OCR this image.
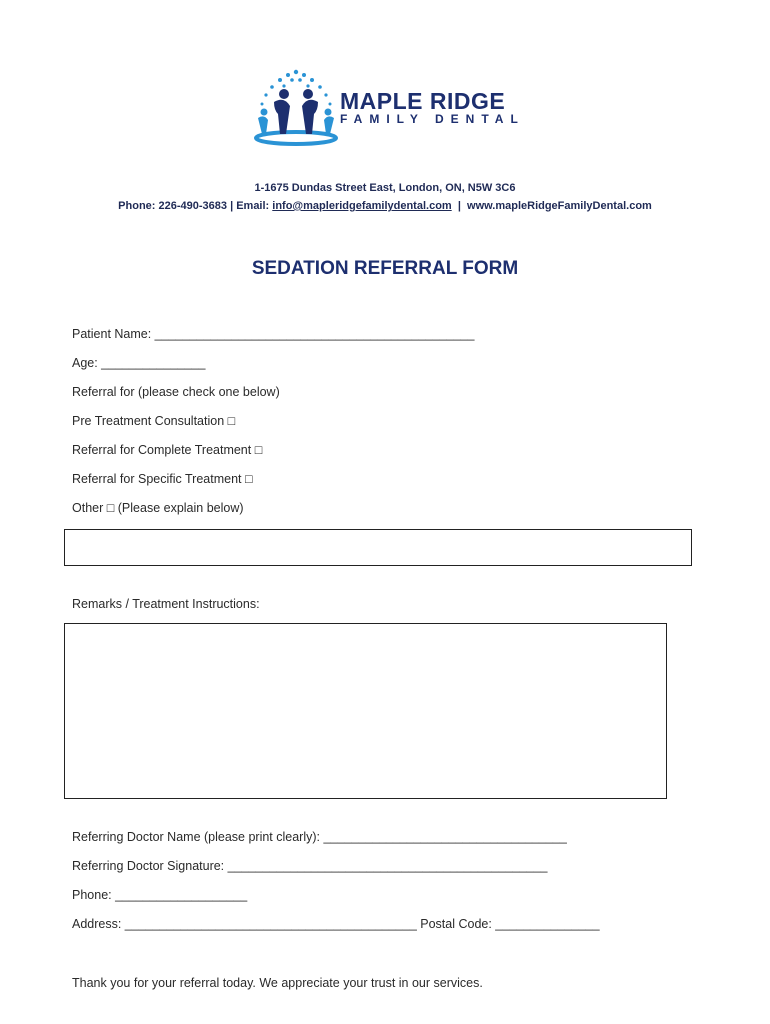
MAPLE RIDGE
FAMILY DENTAL
1-1675 Dundas Street East, London, ON, N5W 3C6
Phone: 226-490-3683 | Email: info@mapleridgefamilydental.com  |  www.mapleRidgeFamilyDental.com
SEDATION REFERRAL FORM
Patient Name: ______________________________________________
Age: _______________
Referral for (please check one below)
Pre Treatment Consultation □
Referral for Complete Treatment □
Referral for Specific Treatment □
Other □ (Please explain below)
Remarks / Treatment Instructions:
Referring Doctor Name (please print clearly): ___________________________________
Referring Doctor Signature: ______________________________________________
Phone: ___________________
Address: __________________________________________ Postal Code: _______________
Thank you for your referral today. We appreciate your trust in our services.
